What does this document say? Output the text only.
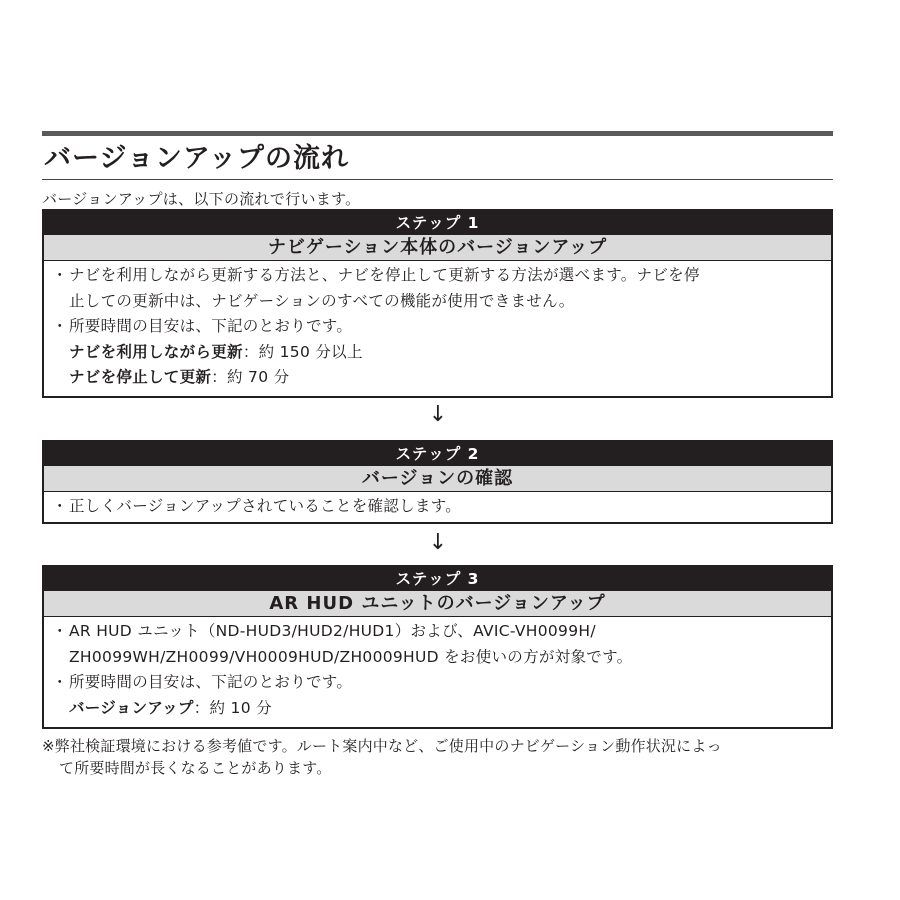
バージョンアップの流れ
バージョンアップは、以下の流れで行います。
ステップ 1
ナビゲーション本体のバージョンアップ
・ ナビを利用しながら更新する方法と、ナビを停止して更新する方法が選べます。ナビを停
止しての更新中は、ナビゲーションのすべての機能が使用できません。
・ 所要時間の目安は、下記のとおりです。
ナビを利用しながら更新：約 150 分以上
ナビを停止して更新：約 70 分
↓
ステップ 2
バージョンの確認
・ 正しくバージョンアップされていることを確認します。
↓
ステップ 3
AR HUD ユニットのバージョンアップ
・ AR HUD ユニット（ND-HUD3/HUD2/HUD1）および、AVIC-VH0099H/
ZH0099WH/ZH0099/VH0009HUD/ZH0009HUD をお使いの方が対象です。
・ 所要時間の目安は、下記のとおりです。
バージョンアップ：約 10 分
※弊社検証環境における参考値です。ルート案内中など、ご使用中のナビゲーション動作状況によっ
て所要時間が長くなることがあります。
